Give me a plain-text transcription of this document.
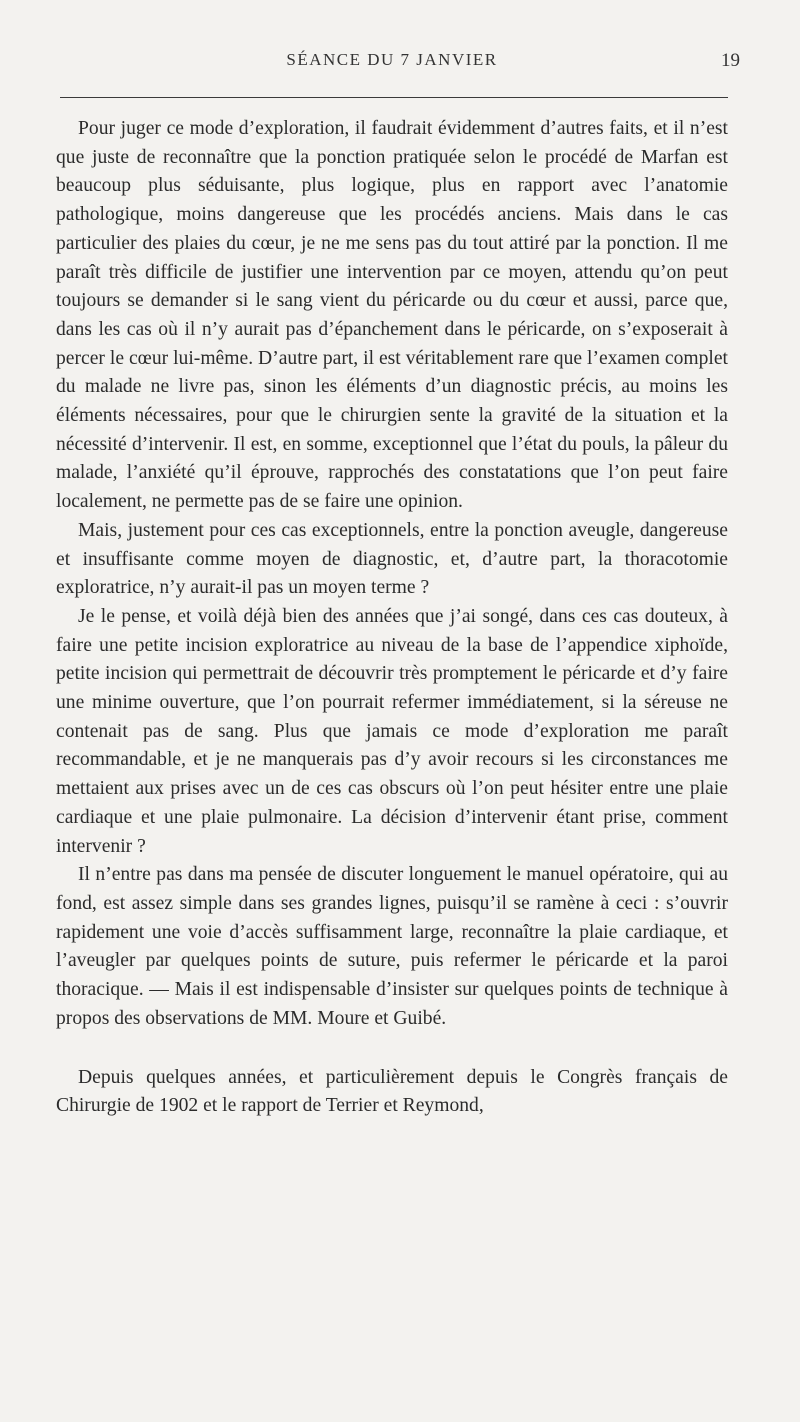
SÉANCE DU 7 JANVIER	19

Pour juger ce mode d’exploration, il faudrait évidemment d’autres faits, et il n’est que juste de reconnaître que la ponction pratiquée selon le procédé de Marfan est beaucoup plus séduisante, plus logique, plus en rapport avec l’anatomie pathologique, moins dangereuse que les procédés anciens. Mais dans le cas particulier des plaies du cœur, je ne me sens pas du tout attiré par la ponction. Il me paraît très difficile de justifier une intervention par ce moyen, attendu qu’on peut toujours se demander si le sang vient du péricarde ou du cœur et aussi, parce que, dans les cas où il n’y aurait pas d’épanchement dans le péricarde, on s’exposerait à percer le cœur lui-même. D’autre part, il est véritablement rare que l’examen complet du malade ne livre pas, sinon les éléments d’un diagnostic précis, au moins les éléments nécessaires, pour que le chirurgien sente la gravité de la situation et la nécessité d’intervenir. Il est, en somme, exceptionnel que l’état du pouls, la pâleur du malade, l’anxiété qu’il éprouve, rapprochés des constatations que l’on peut faire localement, ne permette pas de se faire une opinion.

Mais, justement pour ces cas exceptionnels, entre la ponction aveugle, dangereuse et insuffisante comme moyen de diagnostic, et, d’autre part, la thoracotomie exploratrice, n’y aurait-il pas un moyen terme ?

Je le pense, et voilà déjà bien des années que j’ai songé, dans ces cas douteux, à faire une petite incision exploratrice au niveau de la base de l’appendice xiphoïde, petite incision qui permettrait de découvrir très promptement le péricarde et d’y faire une minime ouverture, que l’on pourrait refermer immédiatement, si la séreuse ne contenait pas de sang. Plus que jamais ce mode d’exploration me paraît recommandable, et je ne manquerais pas d’y avoir recours si les circonstances me mettaient aux prises avec un de ces cas obscurs où l’on peut hésiter entre une plaie cardiaque et une plaie pulmonaire. La décision d’intervenir étant prise, comment intervenir ?

Il n’entre pas dans ma pensée de discuter longuement le manuel opératoire, qui au fond, est assez simple dans ses grandes lignes, puisqu’il se ramène à ceci : s’ouvrir rapidement une voie d’accès suffisamment large, reconnaître la plaie cardiaque, et l’aveugler par quelques points de suture, puis refermer le péricarde et la paroi thoracique. — Mais il est indispensable d’insister sur quelques points de technique à propos des observations de MM. Moure et Guibé.

Depuis quelques années, et particulièrement depuis le Congrès français de Chirurgie de 1902 et le rapport de Terrier et Reymond,
